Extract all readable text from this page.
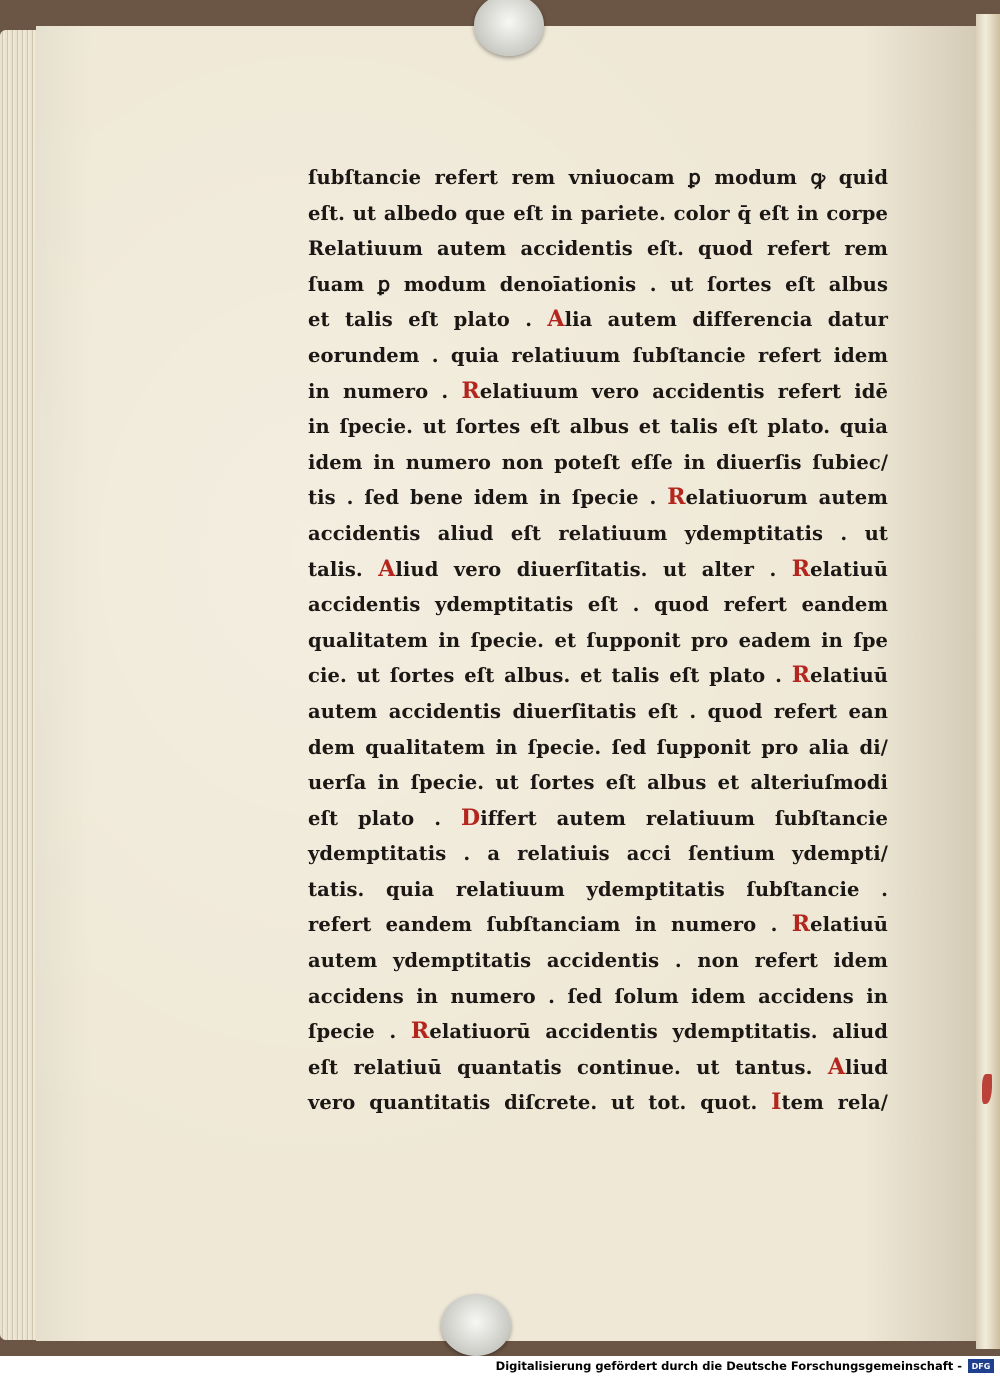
ſubſtancie refert rem vniuocam ꝑ modum ꝙ quid
eſt. ut albedo que eſt in pariete. color q̄ eſt in corpe
Relatiuum autem accidentis eſt. quod refert rem
ſuam ꝑ modum denoīationis . ut ſortes eſt albus
et talis eſt plato . Alia autem differencia datur
eorundem . quia relatiuum ſubſtancie refert idem
in numero . Relatiuum vero accidentis refert idē
in ſpecie. ut ſortes eſt albus et talis eſt plato. quia
idem in numero non poteſt eſſe in diuerſis ſubiec/
tis . ſed bene idem in ſpecie . Relatiuorum autem
accidentis aliud eſt relatiuum ydemptitatis . ut
talis. Aliud vero diuerſitatis. ut alter . Relatiuū
accidentis ydemptitatis eſt . quod refert eandem
qualitatem in ſpecie. et ſupponit pro eadem in ſpe
cie. ut ſortes eſt albus. et talis eſt plato . Relatiuū
autem accidentis diuerſitatis eſt . quod refert ean
dem qualitatem in ſpecie. ſed ſupponit pro alia di/
uerſa in ſpecie. ut ſortes eſt albus et alteriuſmodi
eſt plato . Differt autem relatiuum ſubſtancie
ydemptitatis . a relatiuis acci ſentium ydempti/
tatis. quia relatiuum ydemptitatis ſubſtancie .
refert eandem ſubſtanciam in numero . Relatiuū
autem ydemptitatis accidentis . non refert idem
accidens in numero . ſed ſolum idem accidens in
ſpecie . Relatiuorū accidentis ydemptitatis. aliud
eſt relatiuū quantatis continue. ut tantus. Aliud
vero quantitatis diſcrete. ut tot. quot. Item rela/
Digitalisierung gefördert durch die Deutsche Forschungsgemeinschaft -	DFG
